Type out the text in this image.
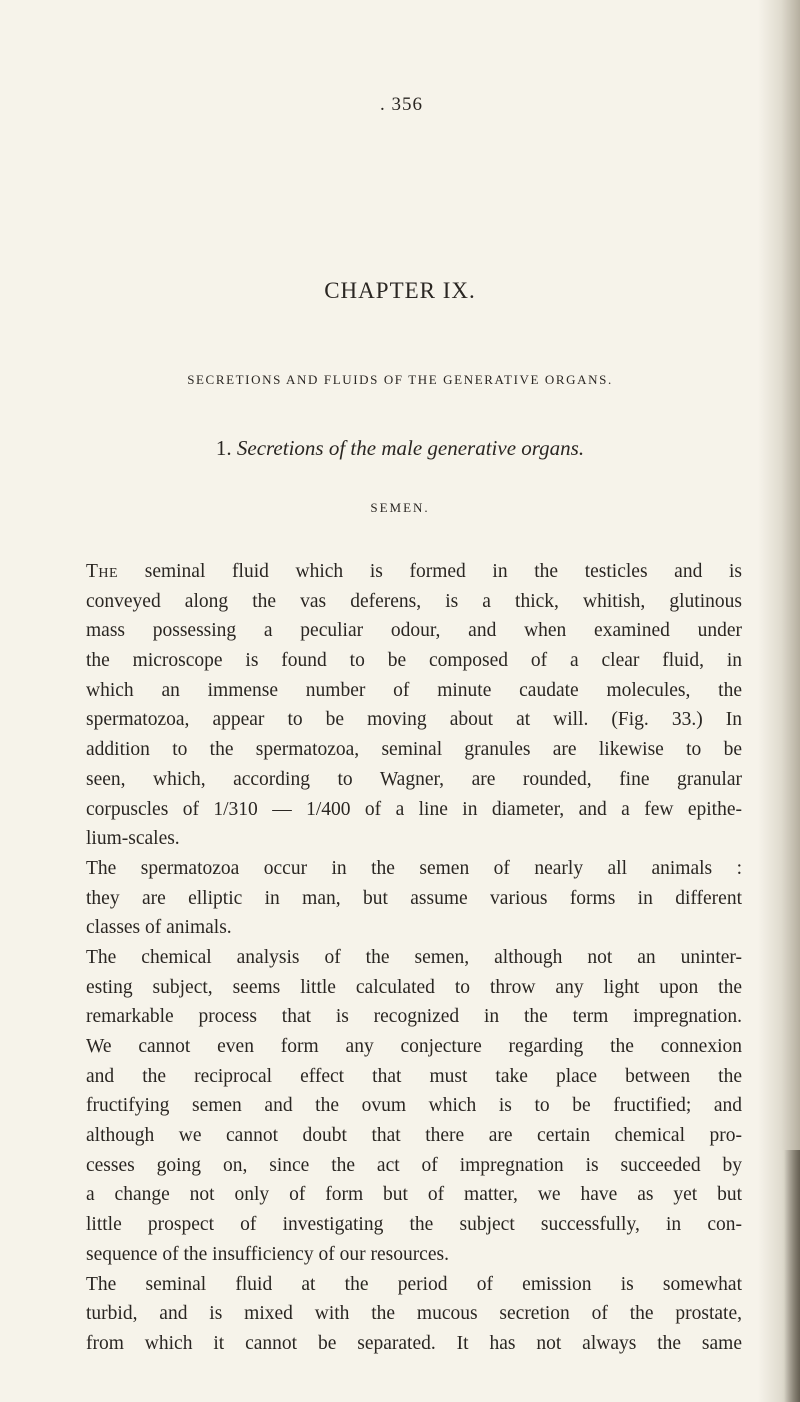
. 356
CHAPTER IX.
SECRETIONS AND FLUIDS OF THE GENERATIVE ORGANS.
1. Secretions of the male generative organs.
SEMEN.
The seminal fluid which is formed in the testicles and is
conveyed along the vas deferens, is a thick, whitish, glutinous
mass possessing a peculiar odour, and when examined under
the microscope is found to be composed of a clear fluid, in
which an immense number of minute caudate molecules, the
spermatozoa, appear to be moving about at will. (Fig. 33.) In
addition to the spermatozoa, seminal granules are likewise to be
seen, which, according to Wagner, are rounded, fine granular
corpuscles of 1/310 — 1/400 of a line in diameter, and a few epithe-
lium-scales.
The spermatozoa occur in the semen of nearly all animals :
they are elliptic in man, but assume various forms in different
classes of animals.
The chemical analysis of the semen, although not an uninter-
esting subject, seems little calculated to throw any light upon the
remarkable process that is recognized in the term impregnation.
We cannot even form any conjecture regarding the connexion
and the reciprocal effect that must take place between the
fructifying semen and the ovum which is to be fructified; and
although we cannot doubt that there are certain chemical pro-
cesses going on, since the act of impregnation is succeeded by
a change not only of form but of matter, we have as yet but
little prospect of investigating the subject successfully, in con-
sequence of the insufficiency of our resources.
The seminal fluid at the period of emission is somewhat
turbid, and is mixed with the mucous secretion of the prostate,
from which it cannot be separated. It has not always the same
